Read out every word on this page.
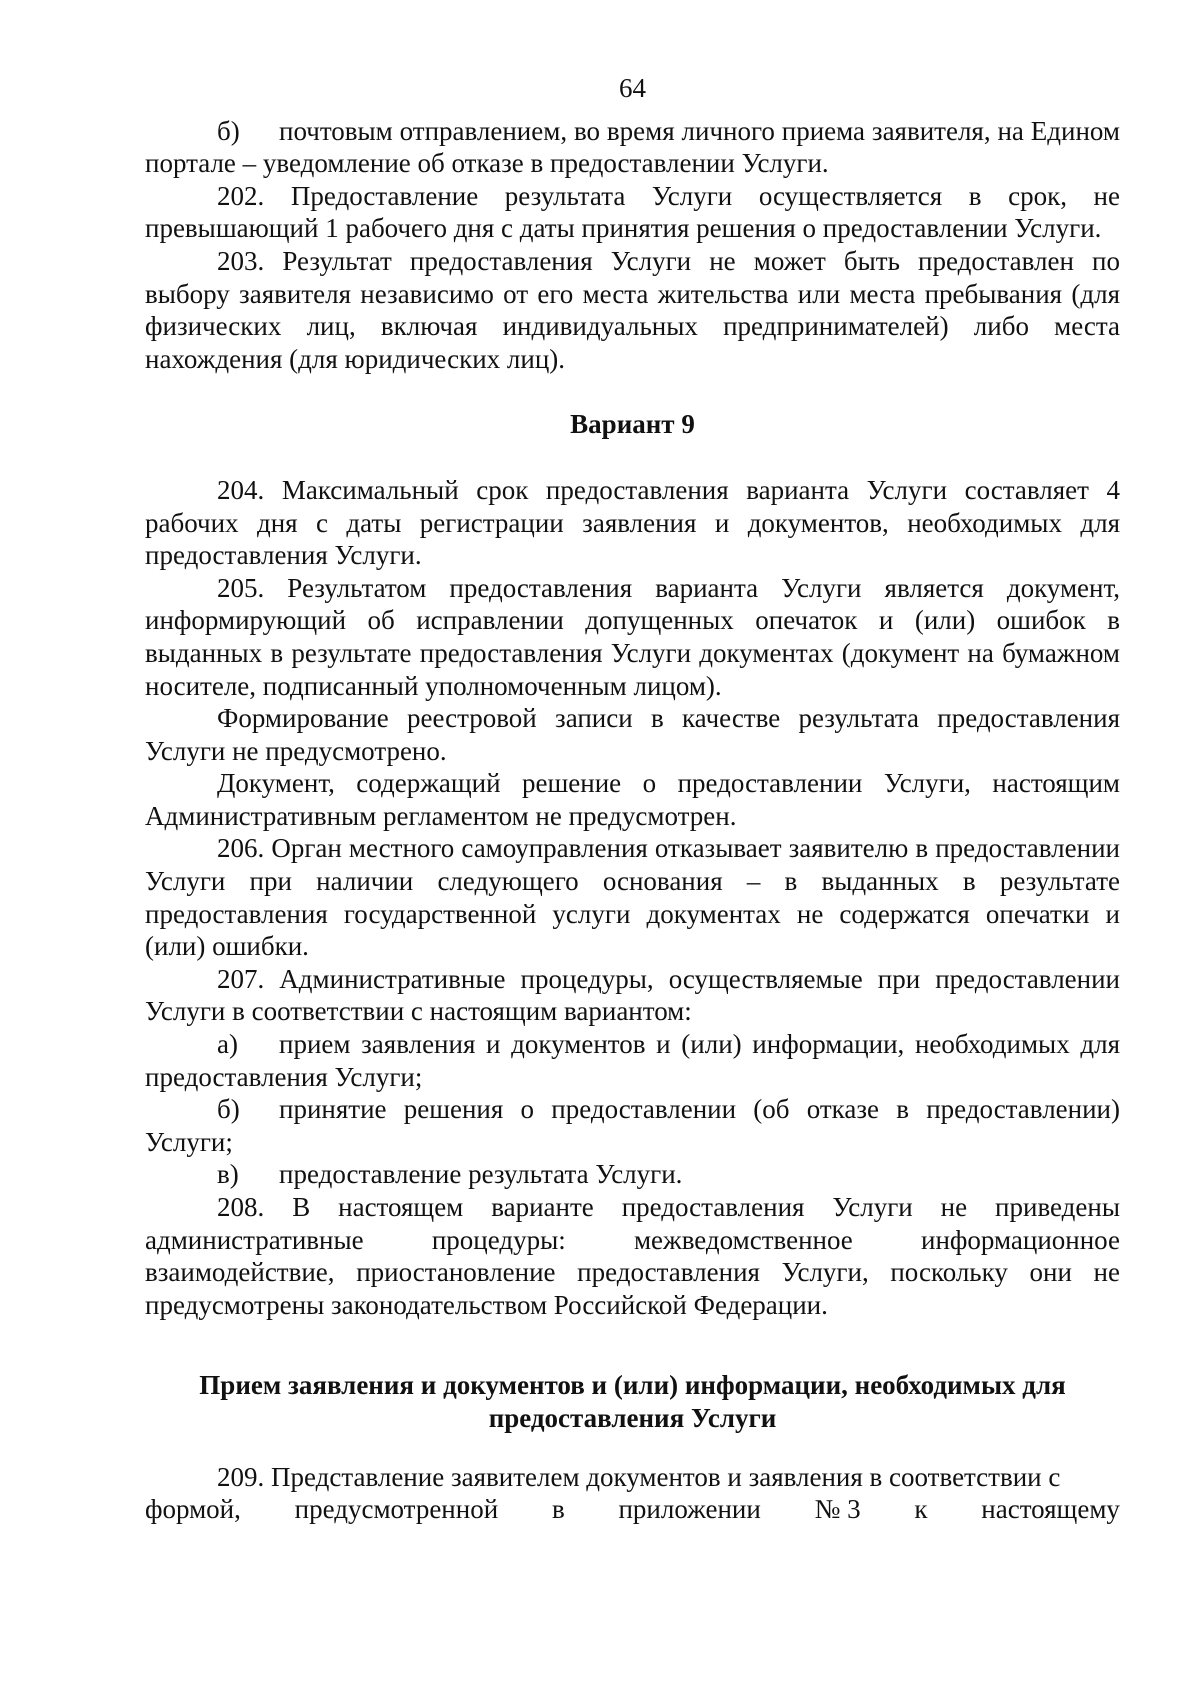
64

б) почтовым отправлением, во время личного приема заявителя, на Едином портале – уведомление об отказе в предоставлении Услуги.

202. Предоставление результата Услуги осуществляется в срок, не превышающий 1 рабочего дня с даты принятия решения о предоставлении Услуги.

203. Результат предоставления Услуги не может быть предоставлен по выбору заявителя независимо от его места жительства или места пребывания (для физических лиц, включая индивидуальных предпринимателей) либо места нахождения (для юридических лиц).

Вариант 9

204. Максимальный срок предоставления варианта Услуги составляет 4 рабочих дня с даты регистрации заявления и документов, необходимых для предоставления Услуги.

205. Результатом предоставления варианта Услуги является документ, информирующий об исправлении допущенных опечаток и (или) ошибок в выданных в результате предоставления Услуги документах (документ на бумажном носителе, подписанный уполномоченным лицом).

Формирование реестровой записи в качестве результата предоставления Услуги не предусмотрено.

Документ, содержащий решение о предоставлении Услуги, настоящим Административным регламентом не предусмотрен.

206. Орган местного самоуправления отказывает заявителю в предоставлении Услуги при наличии следующего основания – в выданных в результате предоставления государственной услуги документах не содержатся опечатки и (или) ошибки.

207. Административные процедуры, осуществляемые при предоставлении Услуги в соответствии с настоящим вариантом:

а) прием заявления и документов и (или) информации, необходимых для предоставления Услуги;

б) принятие решения о предоставлении (об отказе в предоставлении) Услуги;

в) предоставление результата Услуги.

208. В настоящем варианте предоставления Услуги не приведены административные процедуры: межведомственное информационное взаимодействие, приостановление предоставления Услуги, поскольку они не предусмотрены законодательством Российской Федерации.

Прием заявления и документов и (или) информации, необходимых для предоставления Услуги

209. Представление заявителем документов и заявления в соответствии с

формой, предусмотренной в приложении № 3 к настоящему
